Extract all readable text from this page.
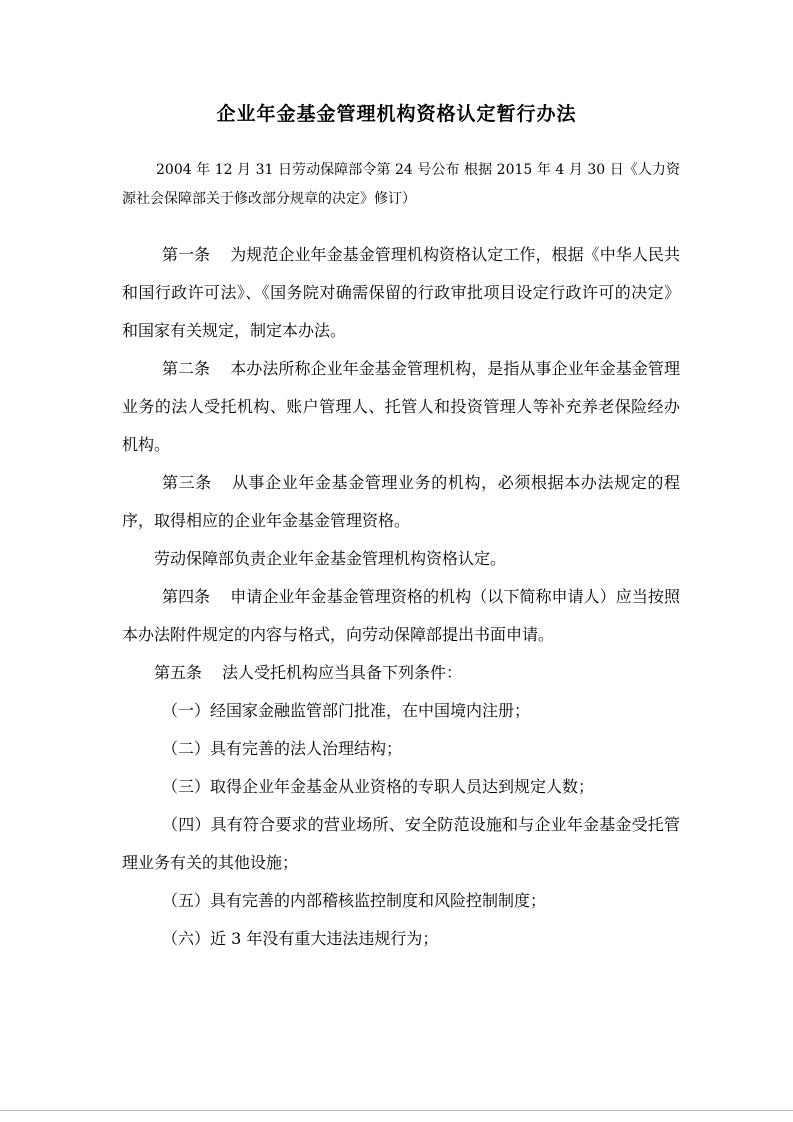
企业年金基金管理机构资格认定暂行办法

2004 年 12 月 31 日劳动保障部令第 24 号公布 根据 2015 年 4 月 30 日《人力资源社会保障部关于修改部分规章的决定》修订）

第一条 为规范企业年金基金管理机构资格认定工作，根据《中华人民共和国行政许可法》、《国务院对确需保留的行政审批项目设定行政许可的决定》和国家有关规定，制定本办法。

第二条 本办法所称企业年金基金管理机构，是指从事企业年金基金管理业务的法人受托机构、账户管理人、托管人和投资管理人等补充养老保险经办机构。

第三条 从事企业年金基金管理业务的机构，必须根据本办法规定的程序，取得相应的企业年金基金管理资格。

劳动保障部负责企业年金基金管理机构资格认定。

第四条 申请企业年金基金管理资格的机构（以下简称申请人）应当按照本办法附件规定的内容与格式，向劳动保障部提出书面申请。

第五条 法人受托机构应当具备下列条件：

（一）经国家金融监管部门批准，在中国境内注册；

（二）具有完善的法人治理结构；

（三）取得企业年金基金从业资格的专职人员达到规定人数；

（四）具有符合要求的营业场所、安全防范设施和与企业年金基金受托管理业务有关的其他设施；

（五）具有完善的内部稽核监控制度和风险控制制度；

（六）近 3 年没有重大违法违规行为；
